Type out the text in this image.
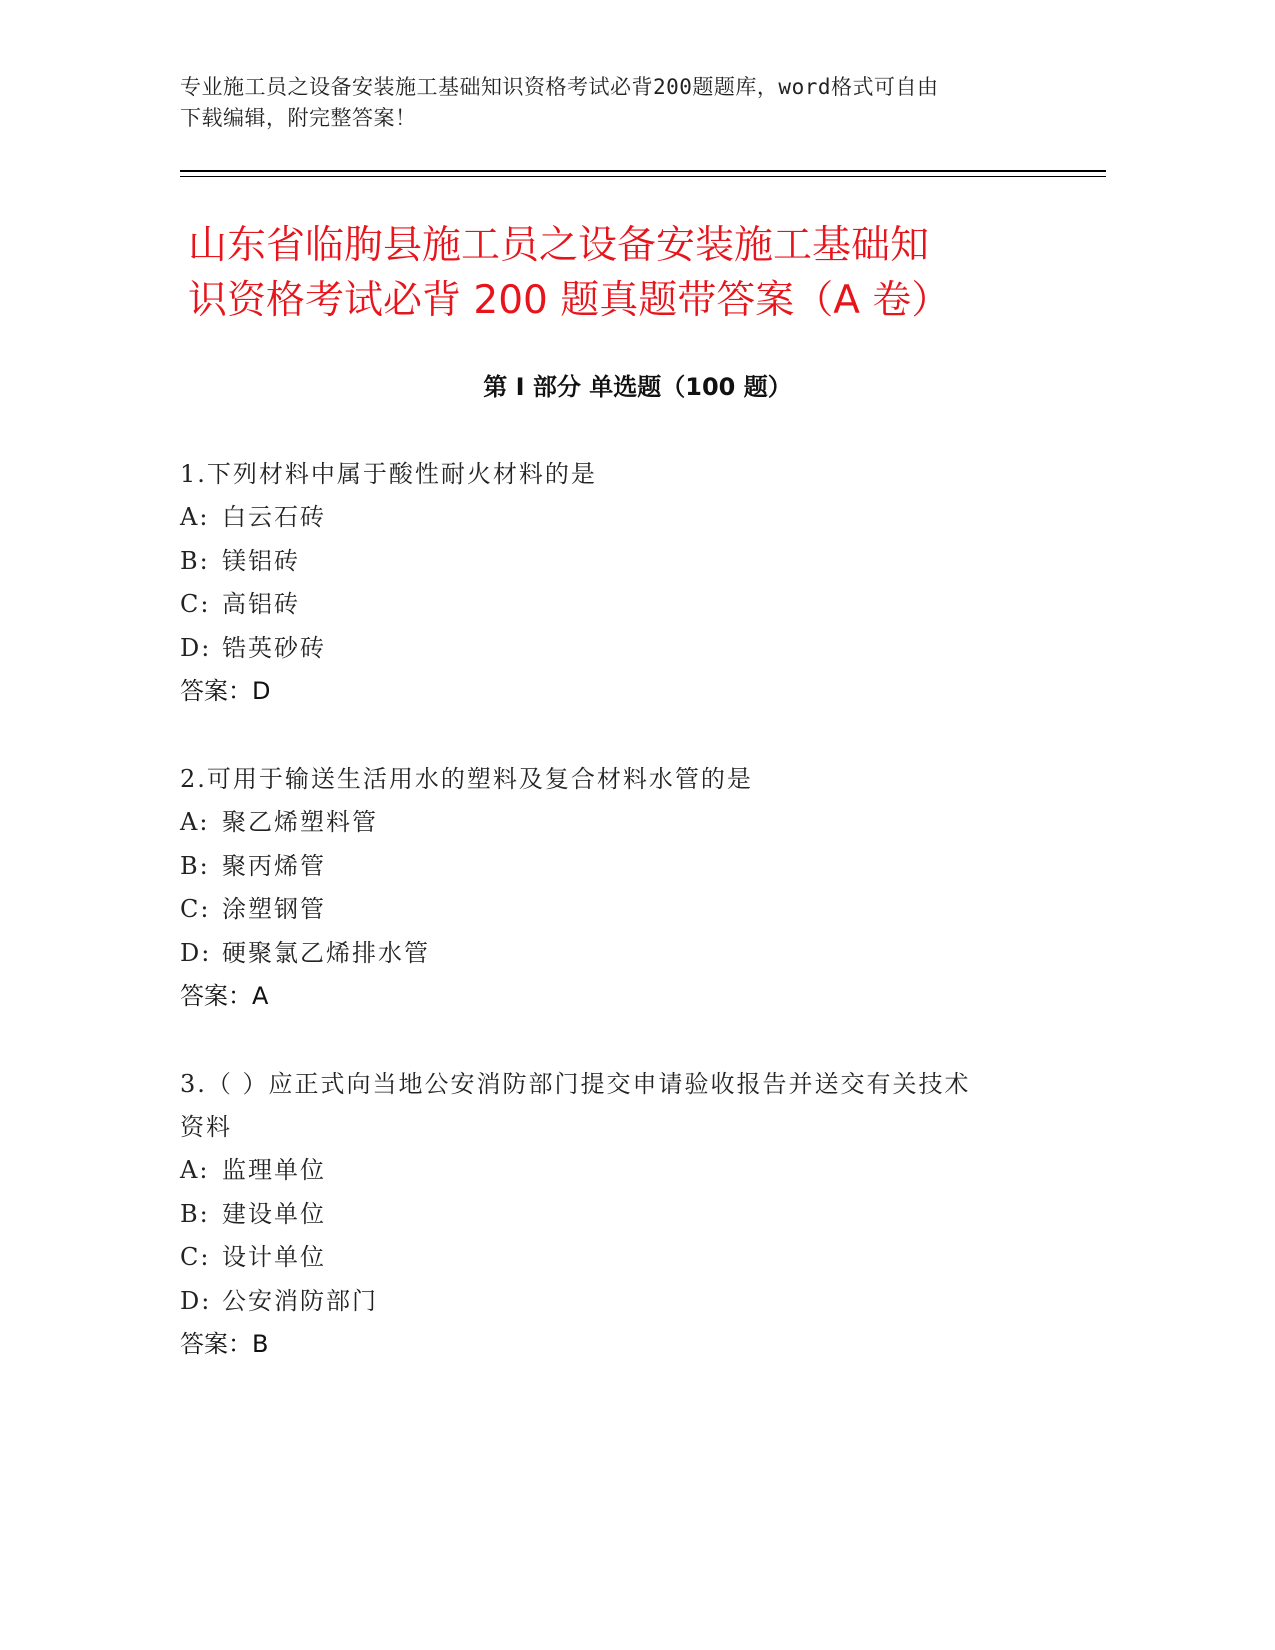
专业施工员之设备安装施工基础知识资格考试必背200题题库，word格式可自由
下载编辑，附完整答案！
山东省临朐县施工员之设备安装施工基础知
识资格考试必背 200 题真题带答案（A 卷）
第 I 部分 单选题（100 题）
1.下列材料中属于酸性耐火材料的是
A: 白云石砖
B: 镁铝砖
C: 高铝砖
D: 锆英砂砖
答案：D
2.可用于输送生活用水的塑料及复合材料水管的是
A: 聚乙烯塑料管
B: 聚丙烯管
C: 涂塑钢管
D: 硬聚氯乙烯排水管
答案：A
3.（ ）应正式向当地公安消防部门提交申请验收报告并送交有关技术
资料
A: 监理单位
B: 建设单位
C: 设计单位
D: 公安消防部门
答案：B
